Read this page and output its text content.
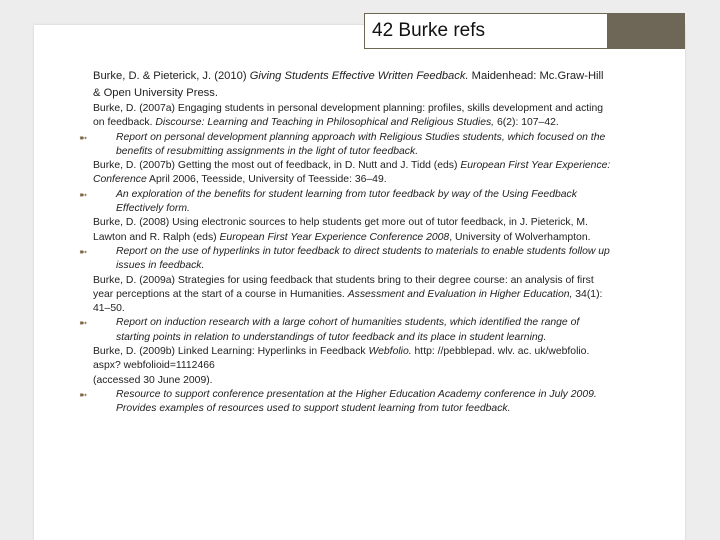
42 Burke refs

Burke, D. & Pieterick, J. (2010) Giving Students Effective Written Feedback. Maidenhead: Mc.Graw-Hill & Open University Press.

Burke, D. (2007a) Engaging students in personal development planning: profiles, skills development and acting on feedback. Discourse: Learning and Teaching in Philosophical and Religious Studies, 6(2): 107–42.

➼	Report on personal development planning approach with Religious Studies students, which focused on the benefits of resubmitting assignments in the light of tutor feedback.

Burke, D. (2007b) Getting the most out of feedback, in D. Nutt and J. Tidd (eds) European First Year Experience: Conference April 2006, Teesside, University of Teesside: 36–49.

➼	An exploration of the benefits for student learning from tutor feedback by way of the Using Feedback Effectively form.

Burke, D. (2008) Using electronic sources to help students get more out of tutor feedback, in J. Pieterick, M. Lawton and R. Ralph (eds) European First Year Experience Conference 2008, University of Wolverhampton.

➼	Report on the use of hyperlinks in tutor feedback to direct students to materials to enable students follow up issues in feedback.

Burke, D. (2009a) Strategies for using feedback that students bring to their degree course: an analysis of first year perceptions at the start of a course in Humanities. Assessment and Evaluation in Higher Education, 34(1): 41–50.

➼	Report on induction research with a large cohort of humanities students, which identified the range of starting points in relation to understandings of tutor feedback and its place in student learning.

Burke, D. (2009b) Linked Learning: Hyperlinks in Feedback Webfolio. http: //pebblepad. wlv. ac. uk/webfolio. aspx? webfolioid=1112466
(accessed 30 June 2009).

➼	Resource to support conference presentation at the Higher Education Academy conference in July 2009. Provides examples of resources used to support student learning from tutor feedback.
